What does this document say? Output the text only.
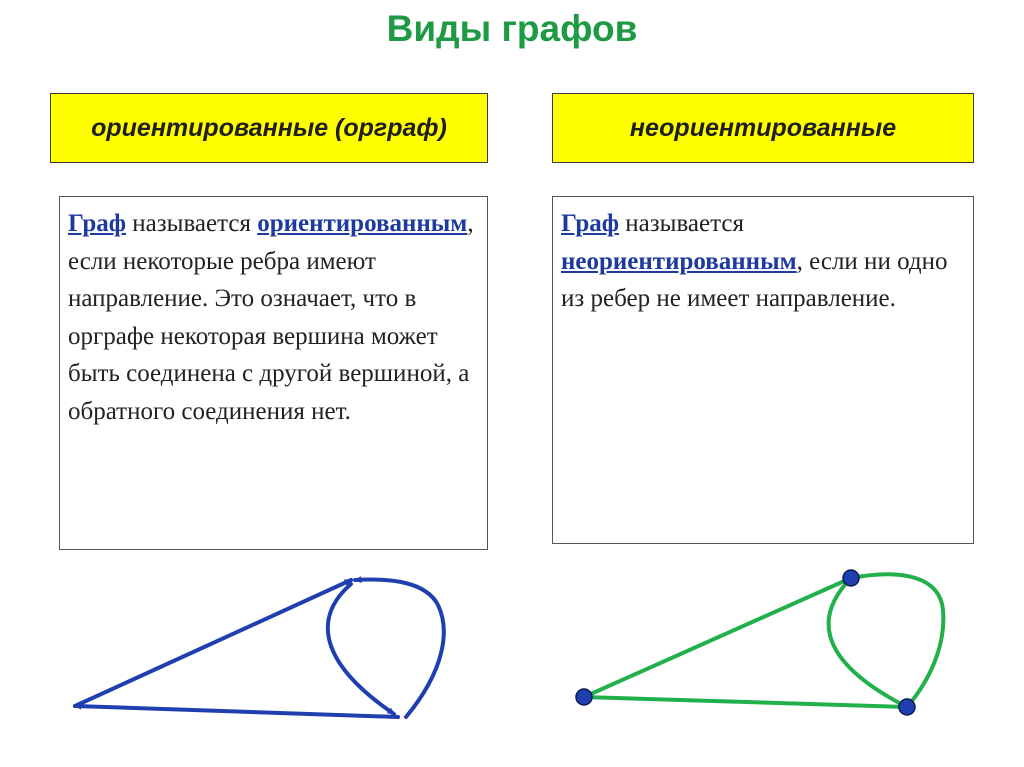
Виды графов
ориентированные (орграф)	неориентированные
Граф называется ориентированным, если некоторые ребра имеют направление. Это означает, что в орграфе некоторая вершина может быть соединена с другой вершиной, а обратного соединения нет.
Граф называется неориентированным, если ни одно из ребер не имеет направление.
